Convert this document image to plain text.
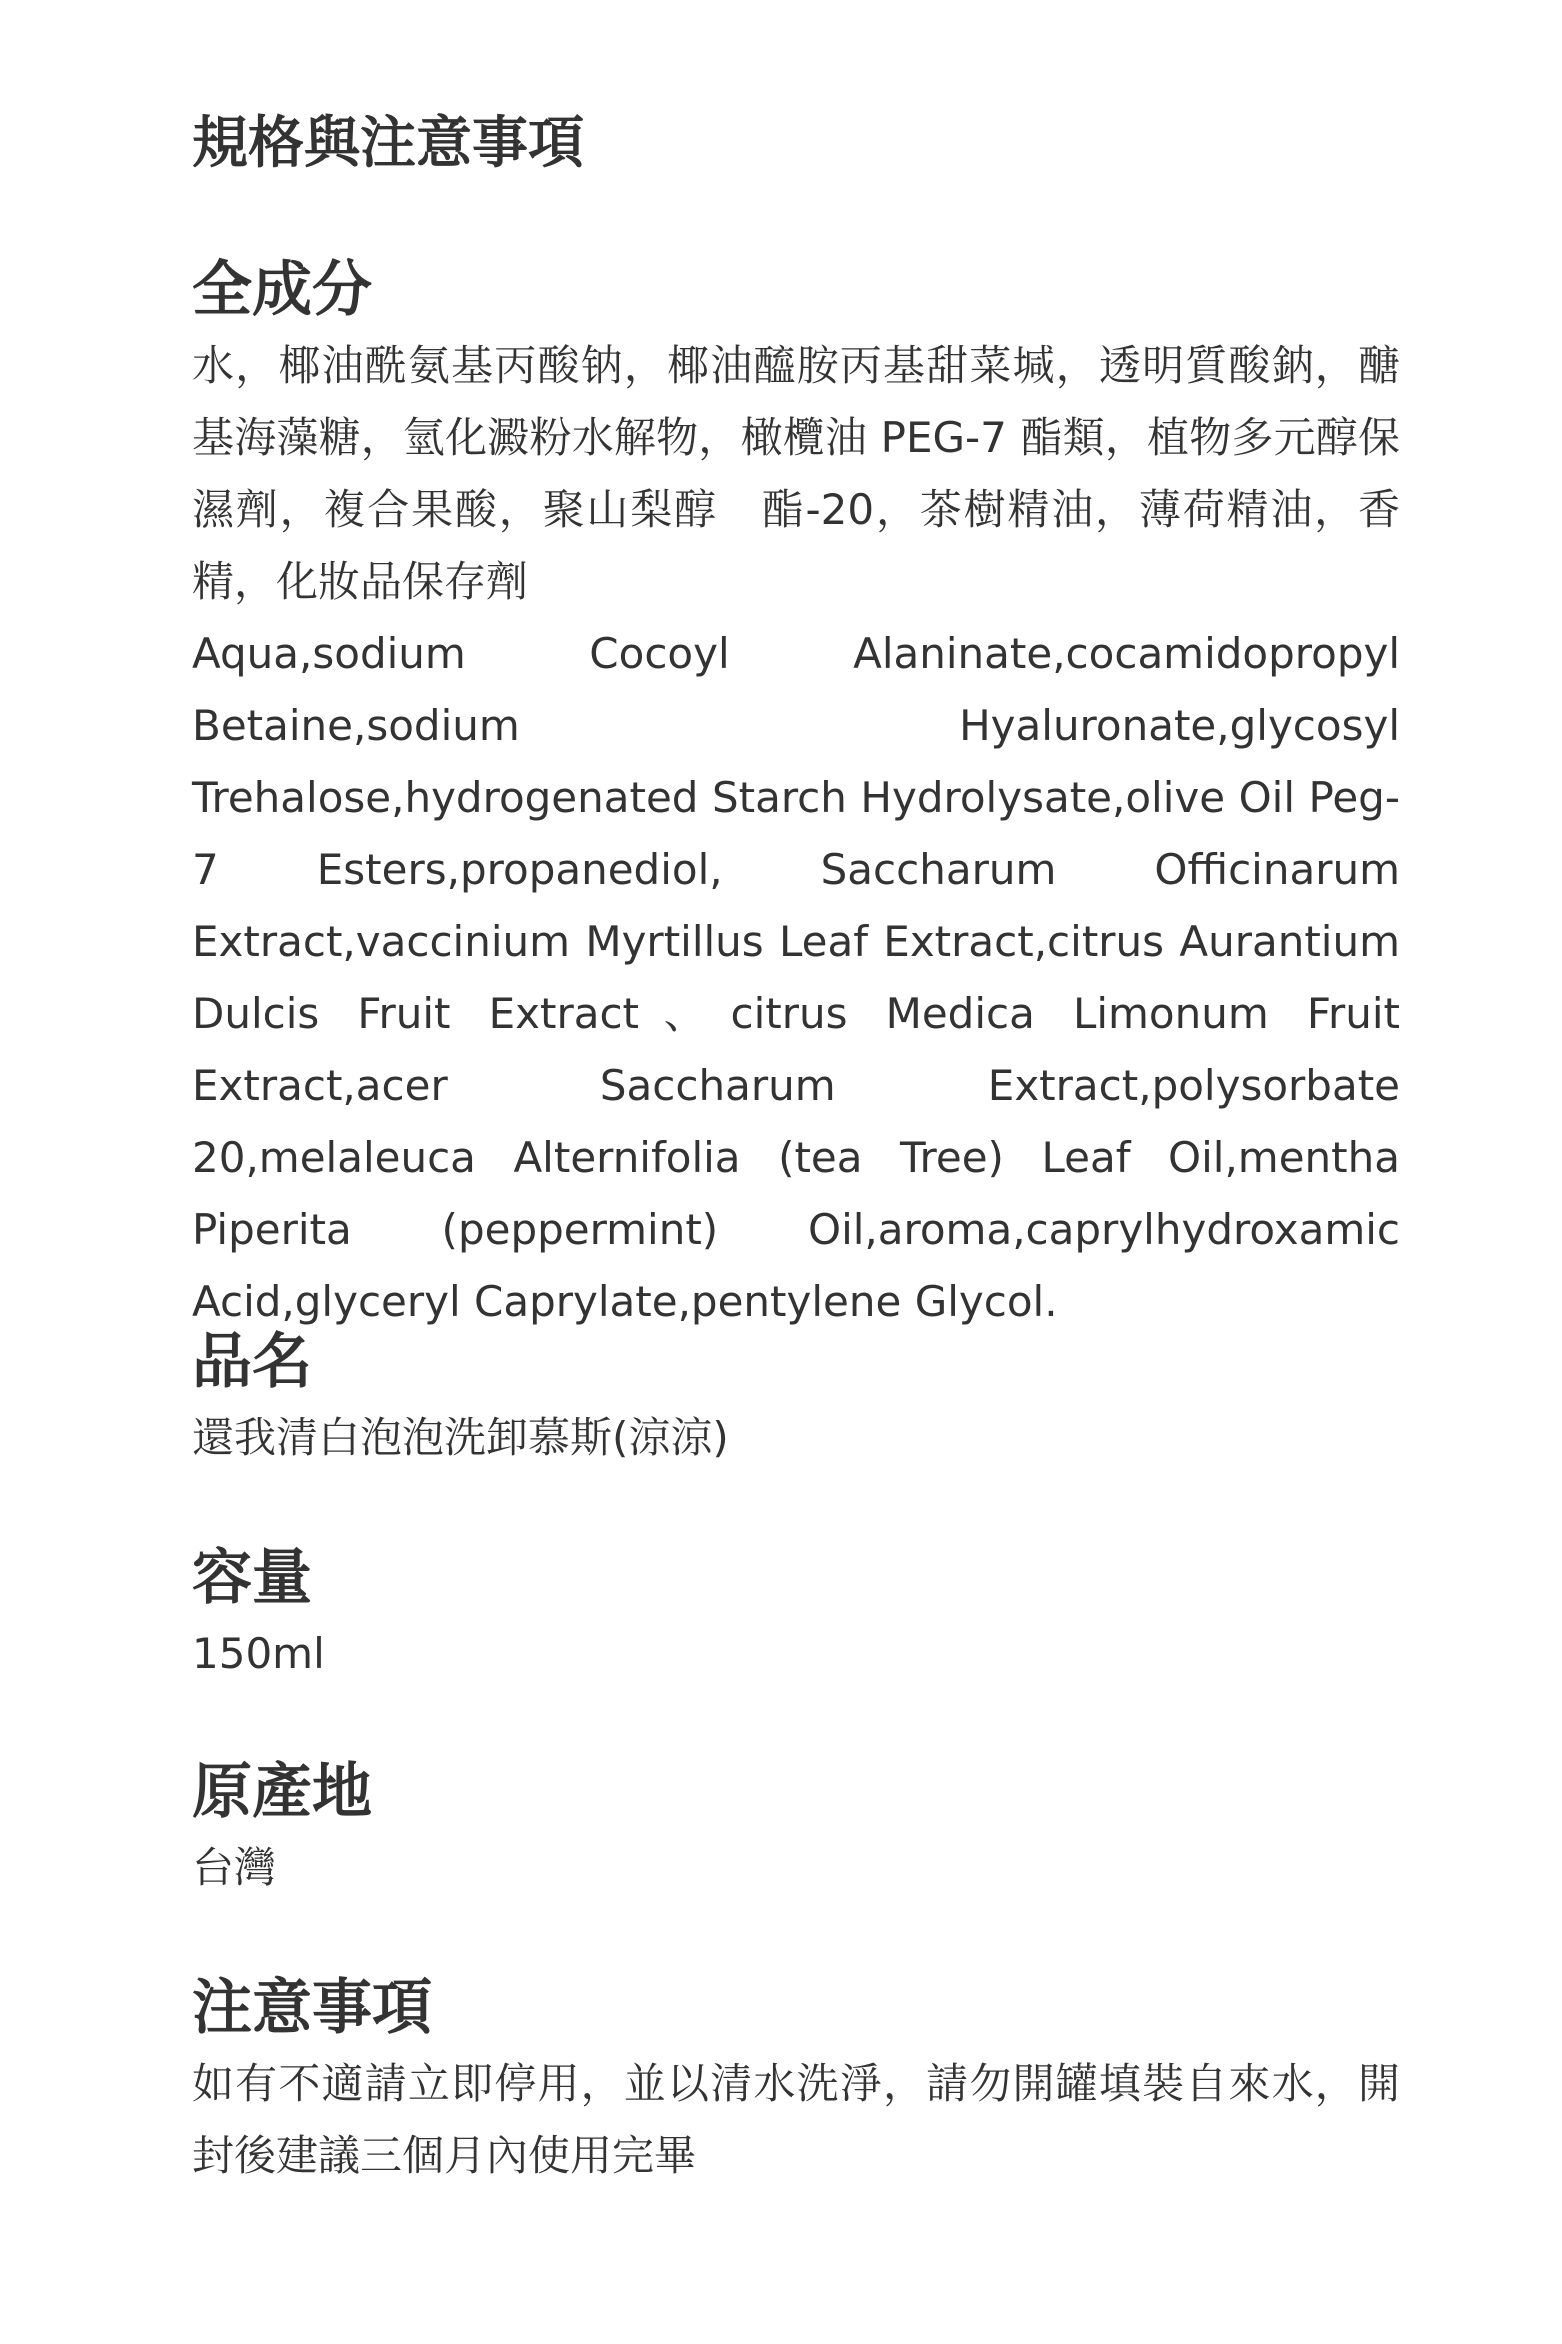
規格與注意事項
全成分

水，椰油酰氨基丙酸钠，椰油醯胺丙基甜菜堿，透明質酸鈉，醣基海藻糖，氫化澱粉水解物，橄欖油 PEG-7 酯類，植物多元醇保濕劑，複合果酸，聚山梨醇　酯-20，茶樹精油，薄荷精油，香精，化妝品保存劑

Aqua,sodium Cocoyl Alaninate,cocamidopropyl Betaine,sodium Hyaluronate,glycosyl Trehalose,hydrogenated Starch Hydrolysate,olive Oil Peg-7 Esters,propanediol, Saccharum Officinarum Extract,vaccinium Myrtillus Leaf Extract,citrus Aurantium Dulcis Fruit Extract、citrus Medica Limonum Fruit Extract,acer Saccharum Extract,polysorbate 20,melaleuca Alternifolia (tea Tree) Leaf Oil,mentha Piperita (peppermint) Oil,aroma,caprylhydroxamic Acid,glyceryl Caprylate,pentylene Glycol.

品名

還我清白泡泡洗卸慕斯(涼涼)

容量

150ml

原產地

台灣

注意事項

如有不適請立即停用，並以清水洗淨，請勿開罐填裝自來水，開封後建議三個月內使用完畢
